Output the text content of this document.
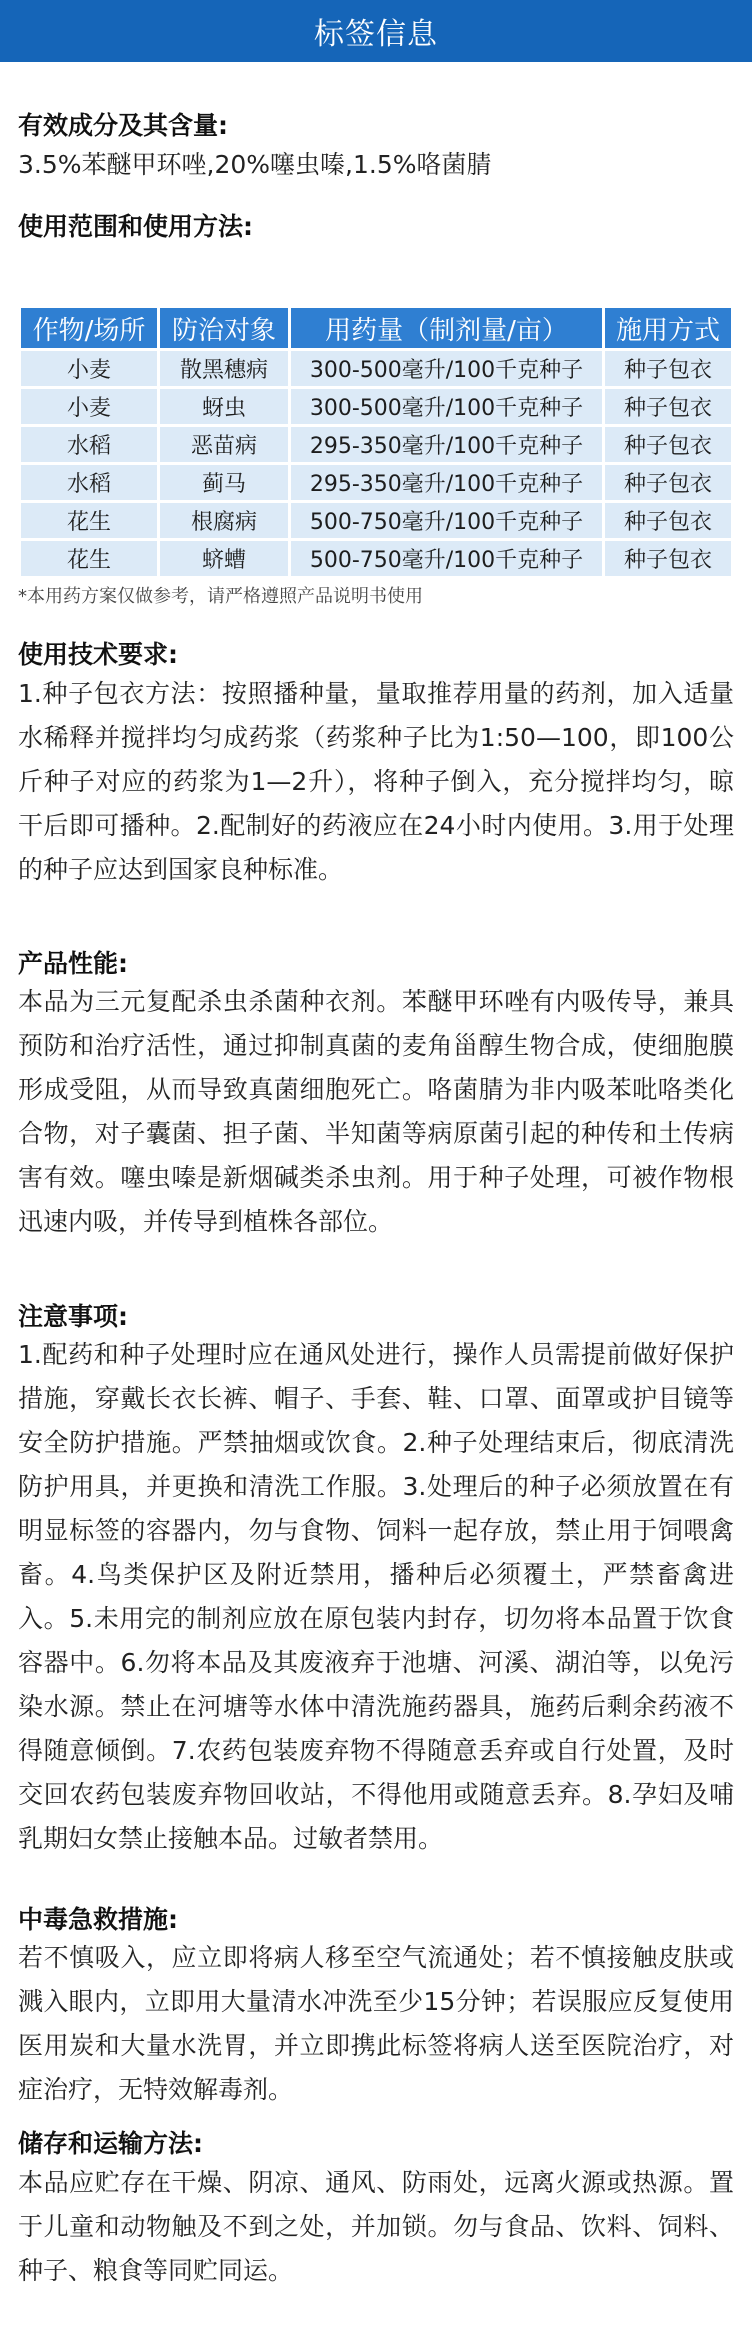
标签信息
有效成分及其含量:
3.5%苯醚甲环唑,20%噻虫嗪,1.5%咯菌腈
使用范围和使用方法:
作物/场所	防治对象	用药量（制剂量/亩）	施用方式
小麦	散黑穗病	300-500毫升/100千克种子	种子包衣
小麦	蚜虫	300-500毫升/100千克种子	种子包衣
水稻	恶苗病	295-350毫升/100千克种子	种子包衣
水稻	蓟马	295-350毫升/100千克种子	种子包衣
花生	根腐病	500-750毫升/100千克种子	种子包衣
花生	蛴螬	500-750毫升/100千克种子	种子包衣
*本用药方案仅做参考，请严格遵照产品说明书使用
使用技术要求:
1.种子包衣方法：按照播种量，量取推荐用量的药剂，加入适量水稀释并搅拌均匀成药浆（药浆种子比为1:50—100，即100公斤种子对应的药浆为1—2升），将种子倒入，充分搅拌均匀，晾干后即可播种。2.配制好的药液应在24小时内使用。3.用于处理的种子应达到国家良种标准。
产品性能:
本品为三元复配杀虫杀菌种衣剂。苯醚甲环唑有内吸传导，兼具预防和治疗活性，通过抑制真菌的麦角甾醇生物合成，使细胞膜形成受阻，从而导致真菌细胞死亡。咯菌腈为非内吸苯吡咯类化合物，对子囊菌、担子菌、半知菌等病原菌引起的种传和土传病害有效。噻虫嗪是新烟碱类杀虫剂。用于种子处理，可被作物根迅速内吸，并传导到植株各部位。
注意事项:
1.配药和种子处理时应在通风处进行，操作人员需提前做好保护措施，穿戴长衣长裤、帽子、手套、鞋、口罩、面罩或护目镜等安全防护措施。严禁抽烟或饮食。2.种子处理结束后，彻底清洗防护用具，并更换和清洗工作服。3.处理后的种子必须放置在有明显标签的容器内，勿与食物、饲料一起存放，禁止用于饲喂禽畜。4.鸟类保护区及附近禁用，播种后必须覆土，严禁畜禽进入。5.未用完的制剂应放在原包装内封存，切勿将本品置于饮食容器中。6.勿将本品及其废液弃于池塘、河溪、湖泊等，以免污染水源。禁止在河塘等水体中清洗施药器具，施药后剩余药液不得随意倾倒。7.农药包装废弃物不得随意丢弃或自行处置，及时交回农药包装废弃物回收站，不得他用或随意丢弃。8.孕妇及哺乳期妇女禁止接触本品。过敏者禁用。
中毒急救措施:
若不慎吸入，应立即将病人移至空气流通处；若不慎接触皮肤或溅入眼内，立即用大量清水冲洗至少15分钟；若误服应反复使用医用炭和大量水洗胃，并立即携此标签将病人送至医院治疗，对症治疗，无特效解毒剂。
储存和运输方法:
本品应贮存在干燥、阴凉、通风、防雨处，远离火源或热源。置于儿童和动物触及不到之处，并加锁。勿与食品、饮料、饲料、种子、粮食等同贮同运。
